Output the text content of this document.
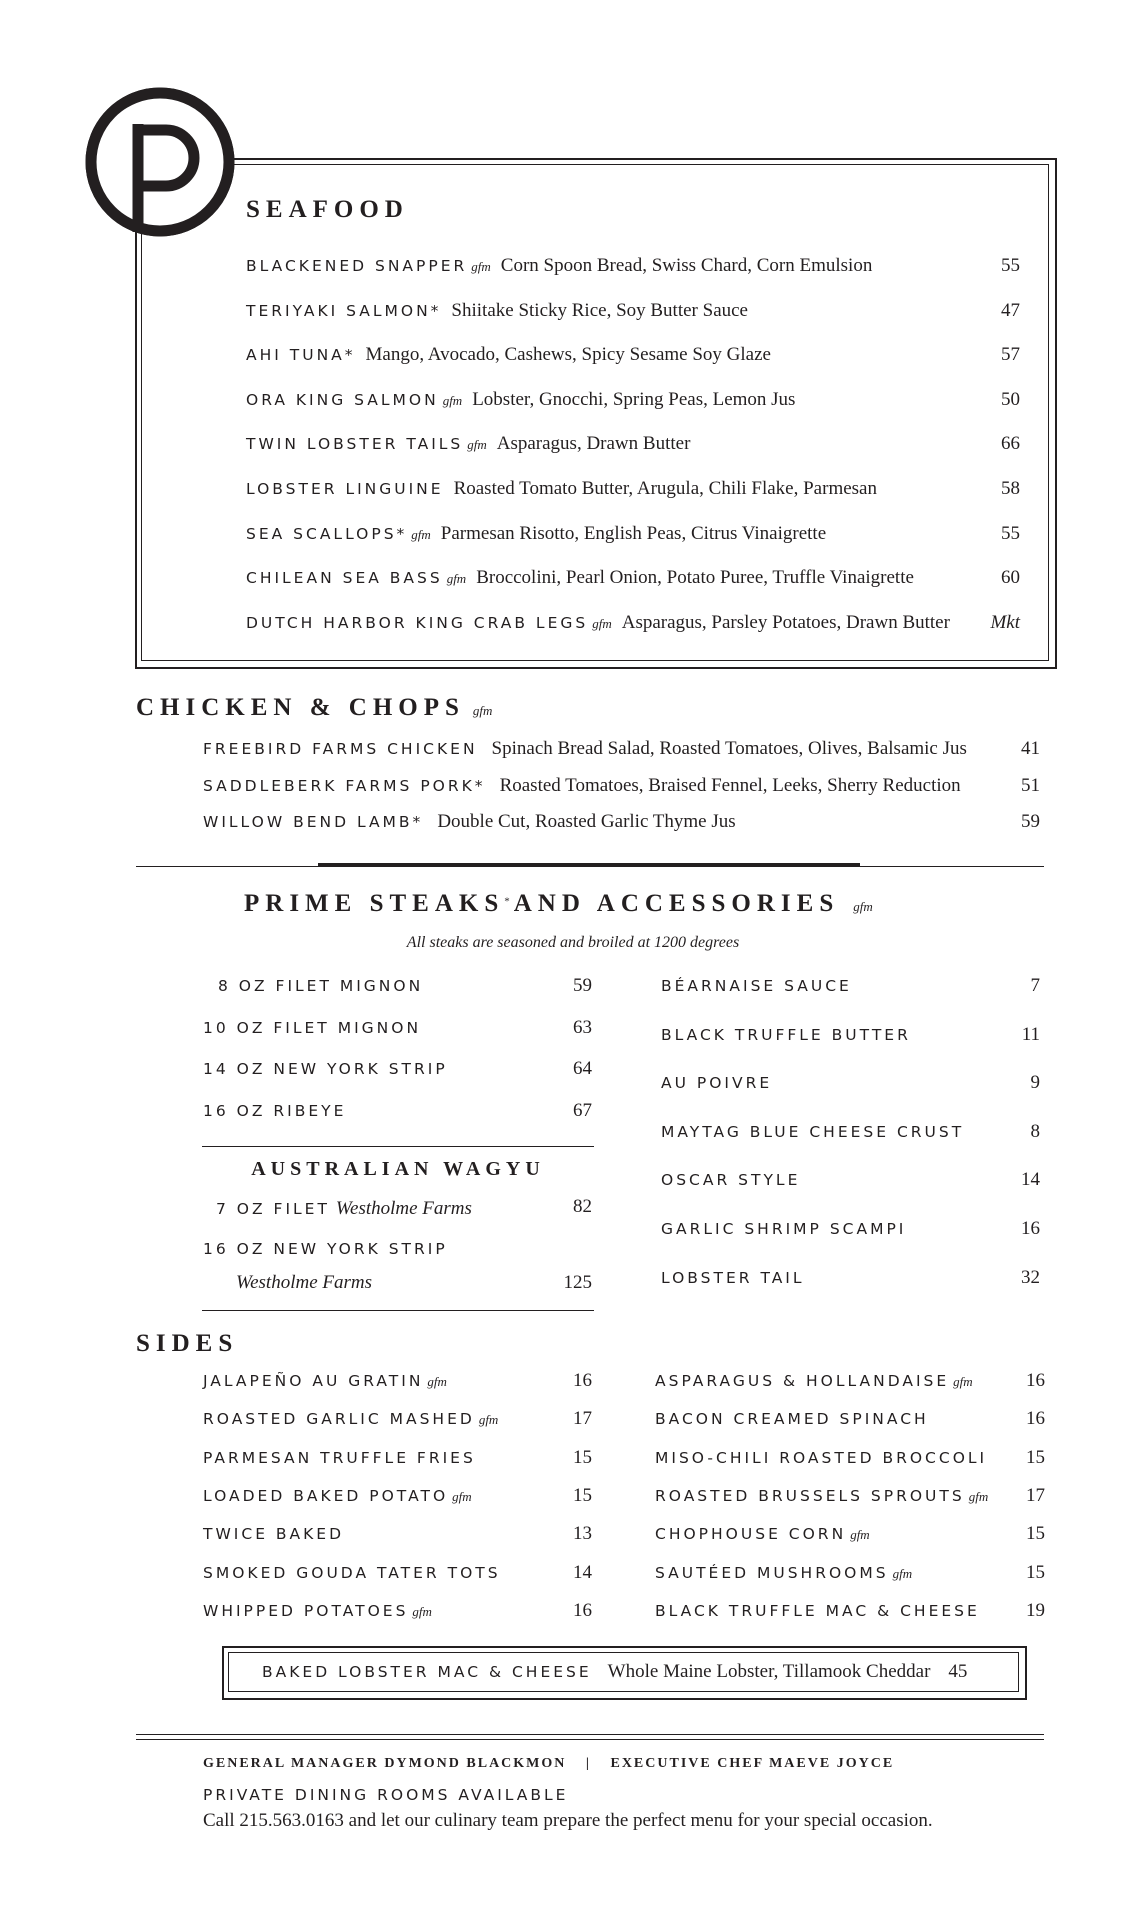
SEAFOOD
BLACKENED SNAPPER gfm Corn Spoon Bread, Swiss Chard, Corn Emulsion	55
TERIYAKI SALMON* Shiitake Sticky Rice, Soy Butter Sauce	47
AHI TUNA* Mango, Avocado, Cashews, Spicy Sesame Soy Glaze	57
ORA KING SALMON gfm Lobster, Gnocchi, Spring Peas, Lemon Jus	50
TWIN LOBSTER TAILS gfm Asparagus, Drawn Butter	66
LOBSTER LINGUINE Roasted Tomato Butter, Arugula, Chili Flake, Parmesan	58
SEA SCALLOPS* gfm Parmesan Risotto, English Peas, Citrus Vinaigrette	55
CHILEAN SEA BASS gfm Broccolini, Pearl Onion, Potato Puree, Truffle Vinaigrette	60
DUTCH HARBOR KING CRAB LEGS gfm Asparagus, Parsley Potatoes, Drawn Butter	Mkt
CHICKEN & CHOPS gfm
FREEBIRD FARMS CHICKEN Spinach Bread Salad, Roasted Tomatoes, Olives, Balsamic Jus	41
SADDLEBERK FARMS PORK* Roasted Tomatoes, Braised Fennel, Leeks, Sherry Reduction	51
WILLOW BEND LAMB* Double Cut, Roasted Garlic Thyme Jus	59
PRIME STEAKS* AND ACCESSORIES gfm
All steaks are seasoned and broiled at 1200 degrees
8 OZ FILET MIGNON	59
10 OZ FILET MIGNON	63
14 OZ NEW YORK STRIP	64
16 OZ RIBEYE	67
AUSTRALIAN WAGYU
7 OZ FILET Westholme Farms	82
16 OZ NEW YORK STRIP
Westholme Farms	125
BÉARNAISE SAUCE	7
BLACK TRUFFLE BUTTER	11
AU POIVRE	9
MAYTAG BLUE CHEESE CRUST	8
OSCAR STYLE	14
GARLIC SHRIMP SCAMPI	16
LOBSTER TAIL	32
SIDES
JALAPEÑO AU GRATIN gfm	16
ROASTED GARLIC MASHED gfm	17
PARMESAN TRUFFLE FRIES	15
LOADED BAKED POTATO gfm	15
TWICE BAKED	13
SMOKED GOUDA TATER TOTS	14
WHIPPED POTATOES gfm	16
ASPARAGUS & HOLLANDAISE gfm	16
BACON CREAMED SPINACH	16
MISO-CHILI ROASTED BROCCOLI	15
ROASTED BRUSSELS SPROUTS gfm	17
CHOPHOUSE CORN gfm	15
SAUTÉED MUSHROOMS gfm	15
BLACK TRUFFLE MAC & CHEESE	19
BAKED LOBSTER MAC & CHEESE Whole Maine Lobster, Tillamook Cheddar 45
GENERAL MANAGER DYMOND BLACKMON | EXECUTIVE CHEF MAEVE JOYCE
PRIVATE DINING ROOMS AVAILABLE
Call 215.563.0163 and let our culinary team prepare the perfect menu for your special occasion.
